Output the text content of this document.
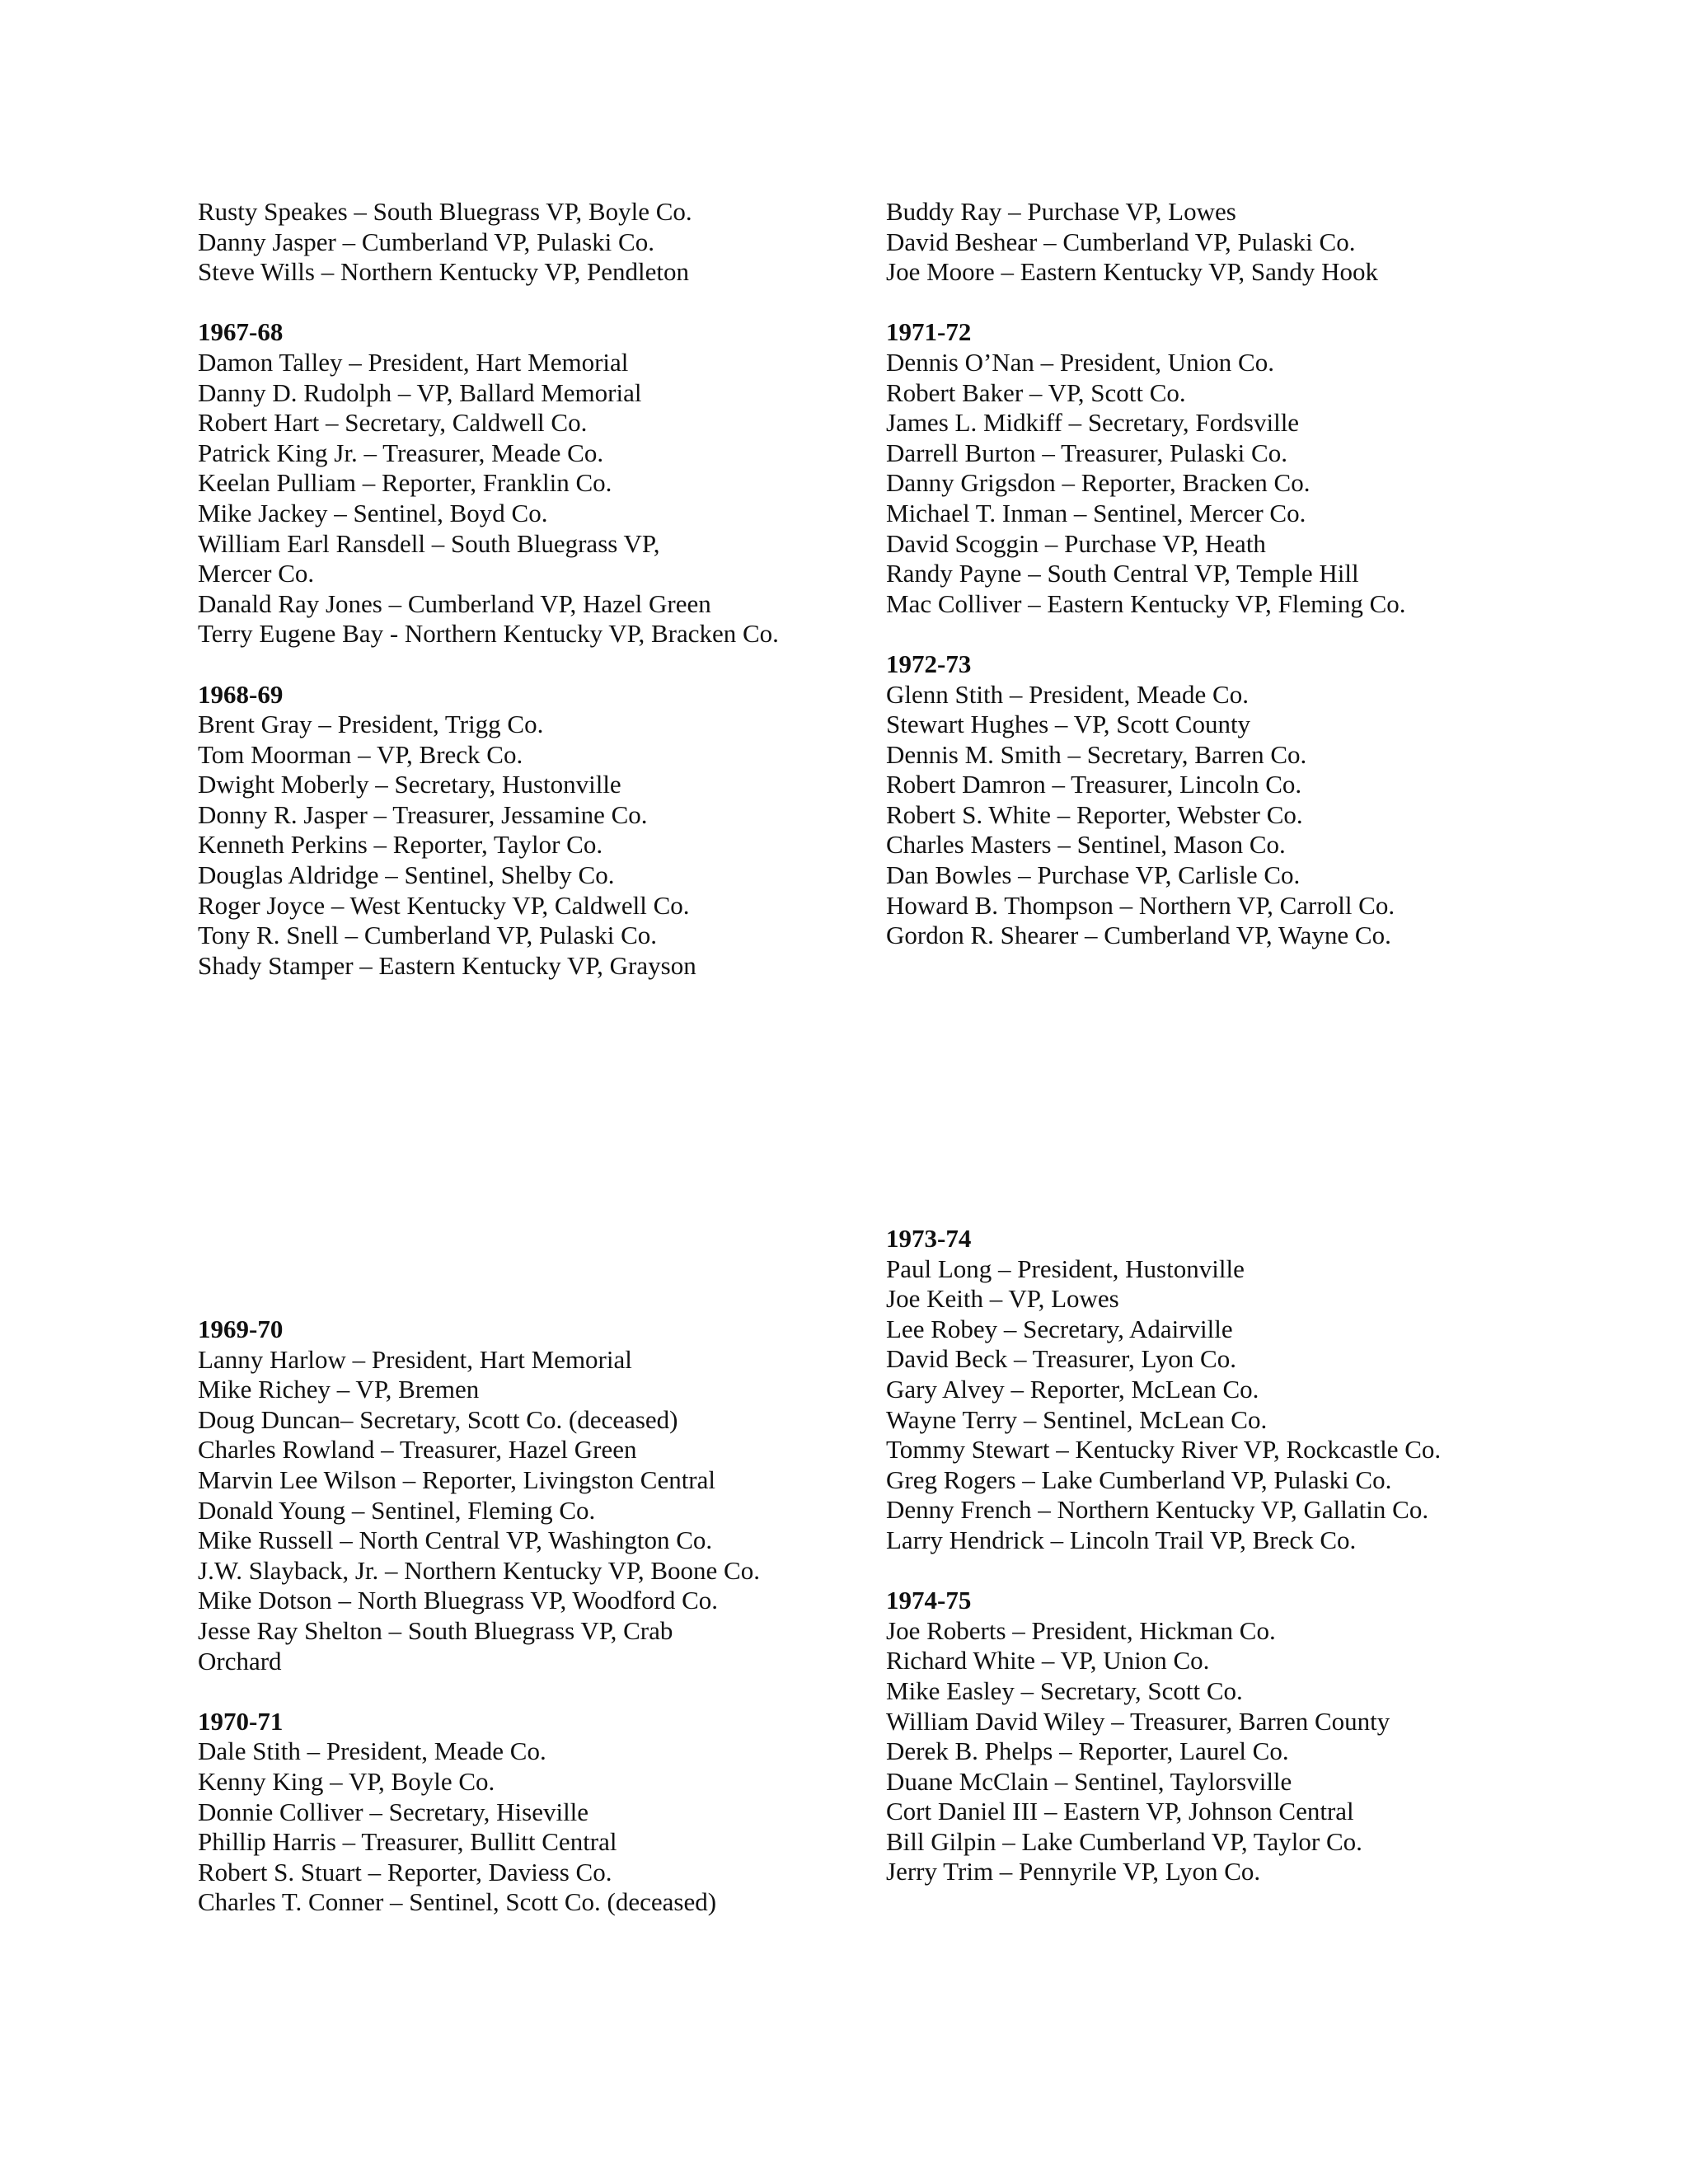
Rusty Speakes – South Bluegrass VP, Boyle Co.

Danny Jasper – Cumberland VP, Pulaski Co.

Steve Wills – Northern Kentucky VP, Pendleton

1967-68

Damon Talley – President, Hart Memorial

Danny D. Rudolph – VP, Ballard Memorial

Robert Hart – Secretary, Caldwell Co.

Patrick King Jr. – Treasurer, Meade Co.

Keelan Pulliam – Reporter, Franklin Co.

Mike Jackey – Sentinel, Boyd Co.

William Earl Ransdell – South Bluegrass VP, Mercer Co.

Danald Ray Jones – Cumberland VP, Hazel Green

Terry Eugene Bay - Northern Kentucky VP, Bracken Co.

1968-69

Brent Gray – President, Trigg Co.

Tom Moorman – VP, Breck Co.

Dwight Moberly – Secretary, Hustonville

Donny R. Jasper – Treasurer, Jessamine Co.

Kenneth Perkins – Reporter, Taylor Co.

Douglas Aldridge – Sentinel, Shelby Co.

Roger Joyce – West Kentucky VP, Caldwell Co.

Tony R. Snell – Cumberland VP, Pulaski Co.

Shady Stamper – Eastern Kentucky VP, Grayson

Buddy Ray – Purchase VP, Lowes

David Beshear – Cumberland VP, Pulaski Co.

Joe Moore – Eastern Kentucky VP, Sandy Hook

1971-72

Dennis O’Nan – President, Union Co.

Robert Baker – VP, Scott Co.

James L. Midkiff – Secretary, Fordsville

Darrell Burton – Treasurer, Pulaski Co.

Danny Grigsdon – Reporter, Bracken Co.

Michael T. Inman – Sentinel, Mercer Co.

David Scoggin – Purchase VP, Heath

Randy Payne – South Central VP, Temple Hill

Mac Colliver – Eastern Kentucky VP, Fleming Co.

1972-73

Glenn Stith – President, Meade Co.

Stewart Hughes – VP, Scott County

Dennis M. Smith – Secretary, Barren Co.

Robert Damron – Treasurer, Lincoln Co.

Robert S. White – Reporter, Webster Co.

Charles Masters – Sentinel, Mason Co.

Dan Bowles – Purchase VP, Carlisle Co.

Howard B. Thompson – Northern VP, Carroll Co.

Gordon R. Shearer – Cumberland VP, Wayne Co.

1969-70

Lanny Harlow – President, Hart Memorial

Mike Richey – VP, Bremen

Doug Duncan– Secretary, Scott Co. (deceased)

Charles Rowland – Treasurer, Hazel Green

Marvin Lee Wilson – Reporter, Livingston Central

Donald Young – Sentinel, Fleming Co.

Mike Russell – North Central VP, Washington Co.

J.W. Slayback, Jr. – Northern Kentucky VP, Boone Co.

Mike Dotson – North Bluegrass VP, Woodford Co.

Jesse Ray Shelton – South Bluegrass VP, Crab Orchard

1970-71

Dale Stith – President, Meade Co.

Kenny King – VP, Boyle Co.

Donnie Colliver – Secretary, Hiseville

Phillip Harris – Treasurer, Bullitt Central

Robert S. Stuart – Reporter, Daviess Co.

Charles T. Conner – Sentinel, Scott Co. (deceased)

1973-74

Paul Long – President, Hustonville

Joe Keith – VP, Lowes

Lee Robey – Secretary, Adairville

David Beck – Treasurer, Lyon Co.

Gary Alvey – Reporter, McLean Co.

Wayne Terry – Sentinel, McLean Co.

Tommy Stewart – Kentucky River VP, Rockcastle Co.

Greg Rogers – Lake Cumberland VP, Pulaski Co.

Denny French – Northern Kentucky VP, Gallatin Co.

Larry Hendrick – Lincoln Trail VP, Breck Co.

1974-75

Joe Roberts – President, Hickman Co.

Richard White – VP, Union Co.

Mike Easley – Secretary, Scott Co.

William David Wiley – Treasurer, Barren County

Derek B. Phelps – Reporter, Laurel Co.

Duane McClain – Sentinel, Taylorsville

Cort Daniel III – Eastern VP, Johnson Central

Bill Gilpin – Lake Cumberland VP, Taylor Co.

Jerry Trim – Pennyrile VP, Lyon Co.
